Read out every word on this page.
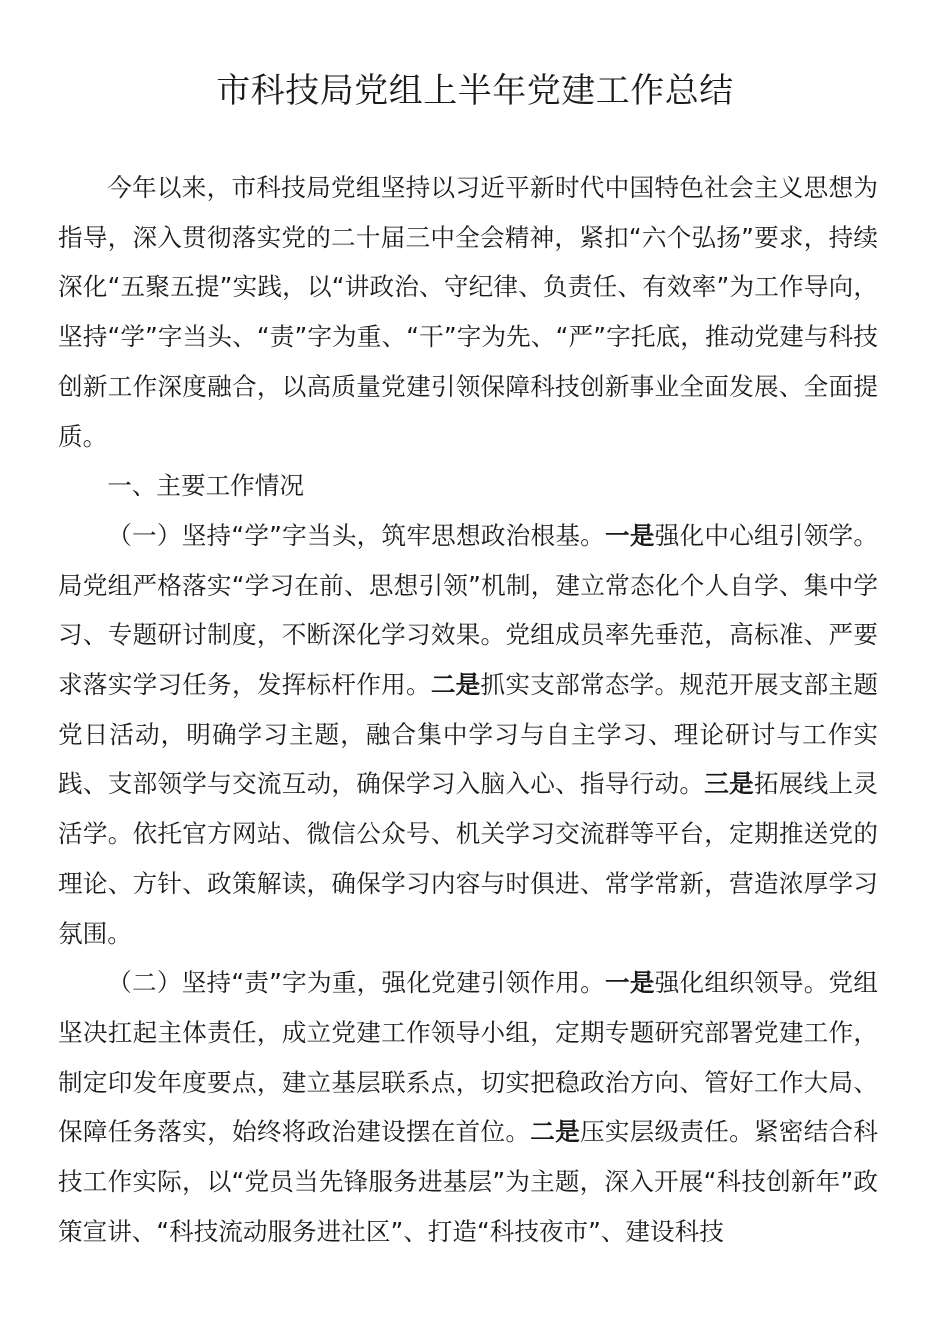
市科技局党组上半年党建工作总结

今年以来，市科技局党组坚持以习近平新时代中国特色社会主义思想为指导，深入贯彻落实党的二十届三中全会精神，紧扣“六个弘扬”要求，持续深化“五聚五提”实践，以“讲政治、守纪律、负责任、有效率”为工作导向，坚持“学”字当头、“责”字为重、“干”字为先、“严”字托底，推动党建与科技创新工作深度融合，以高质量党建引领保障科技创新事业全面发展、全面提质。

一、主要工作情况

（一）坚持“学”字当头，筑牢思想政治根基。一是强化中心组引领学。局党组严格落实“学习在前、思想引领”机制，建立常态化个人自学、集中学习、专题研讨制度，不断深化学习效果。党组成员率先垂范，高标准、严要求落实学习任务，发挥标杆作用。二是抓实支部常态学。规范开展支部主题党日活动，明确学习主题，融合集中学习与自主学习、理论研讨与工作实践、支部领学与交流互动，确保学习入脑入心、指导行动。三是拓展线上灵活学。依托官方网站、微信公众号、机关学习交流群等平台，定期推送党的理论、方针、政策解读，确保学习内容与时俱进、常学常新，营造浓厚学习氛围。

（二）坚持“责”字为重，强化党建引领作用。一是强化组织领导。党组坚决扛起主体责任，成立党建工作领导小组，定期专题研究部署党建工作，制定印发年度要点，建立基层联系点，切实把稳政治方向、管好工作大局、保障任务落实，始终将政治建设摆在首位。二是压实层级责任。紧密结合科技工作实际，以“党员当先锋服务进基层”为主题，深入开展“科技创新年”政策宣讲、“科技流动服务进社区”、打造“科技夜市”、建设科技
